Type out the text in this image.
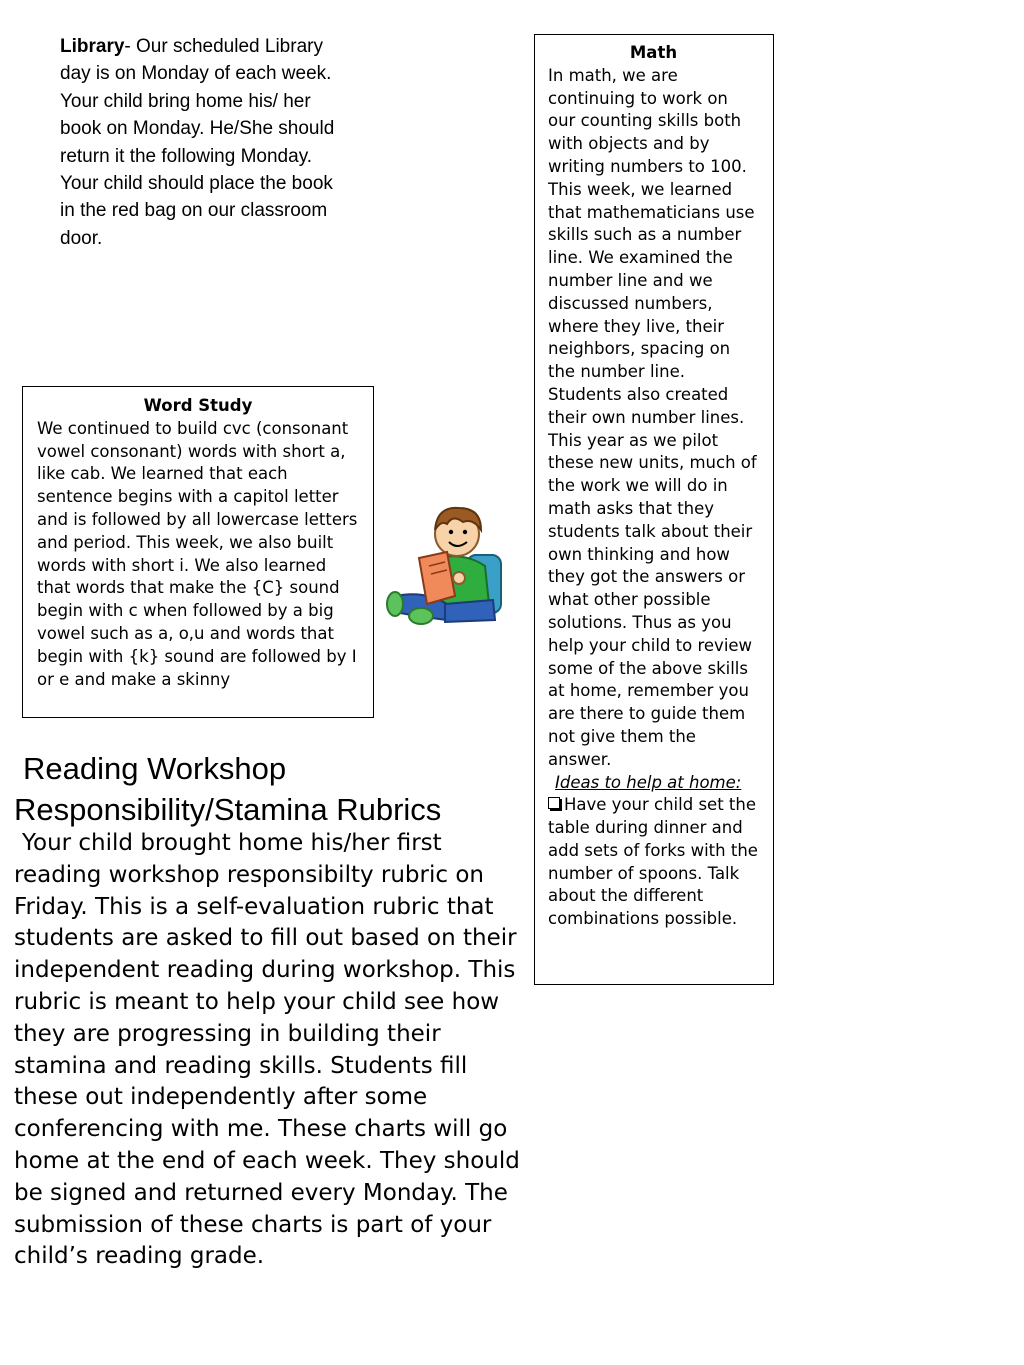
Library- Our scheduled Library day is on Monday of each week. Your child bring home his/ her book on Monday. He/She should return it the following Monday. Your child should place the book in the red bag on our classroom door.
Word Study
We continued to build cvc (consonant vowel consonant) words with short a, like cab. We learned that each sentence begins with a capitol letter and is followed by all lowercase letters and period. This week, we also built words with short i. We also learned that words that make the {C} sound begin with c when followed by a big vowel such as a, o,u and words that begin with {k} sound are followed by I or e and make a skinny
Math
In math, we are continuing to work on our counting skills both with objects and by writing numbers to 100. This week, we learned that mathematicians use skills such as a number line. We examined the number line and we discussed numbers, where they live, their neighbors, spacing on the number line. Students also created their own number lines. This year as we pilot these new units, much of the work we will do in math asks that they students talk about their own thinking and how they got the answers or what other possible solutions. Thus as you help your child to review some of the above skills at home, remember you are there to guide them not give them the answer.
Ideas to help at home:
Have your child set the table during dinner and add sets of forks with the number of spoons. Talk about the different combinations possible.
Reading Workshop
Responsibility/Stamina Rubrics
Your child brought home his/her first reading workshop responsibilty rubric on Friday. This is a self-evaluation rubric that students are asked to fill out based on their independent reading during workshop. This rubric is meant to help your child see how they are progressing in building their stamina and reading skills. Students fill these out independently after some conferencing with me. These charts will go home at the end of each week. They should be signed and returned every Monday. The submission of these charts is part of your child’s reading grade.
